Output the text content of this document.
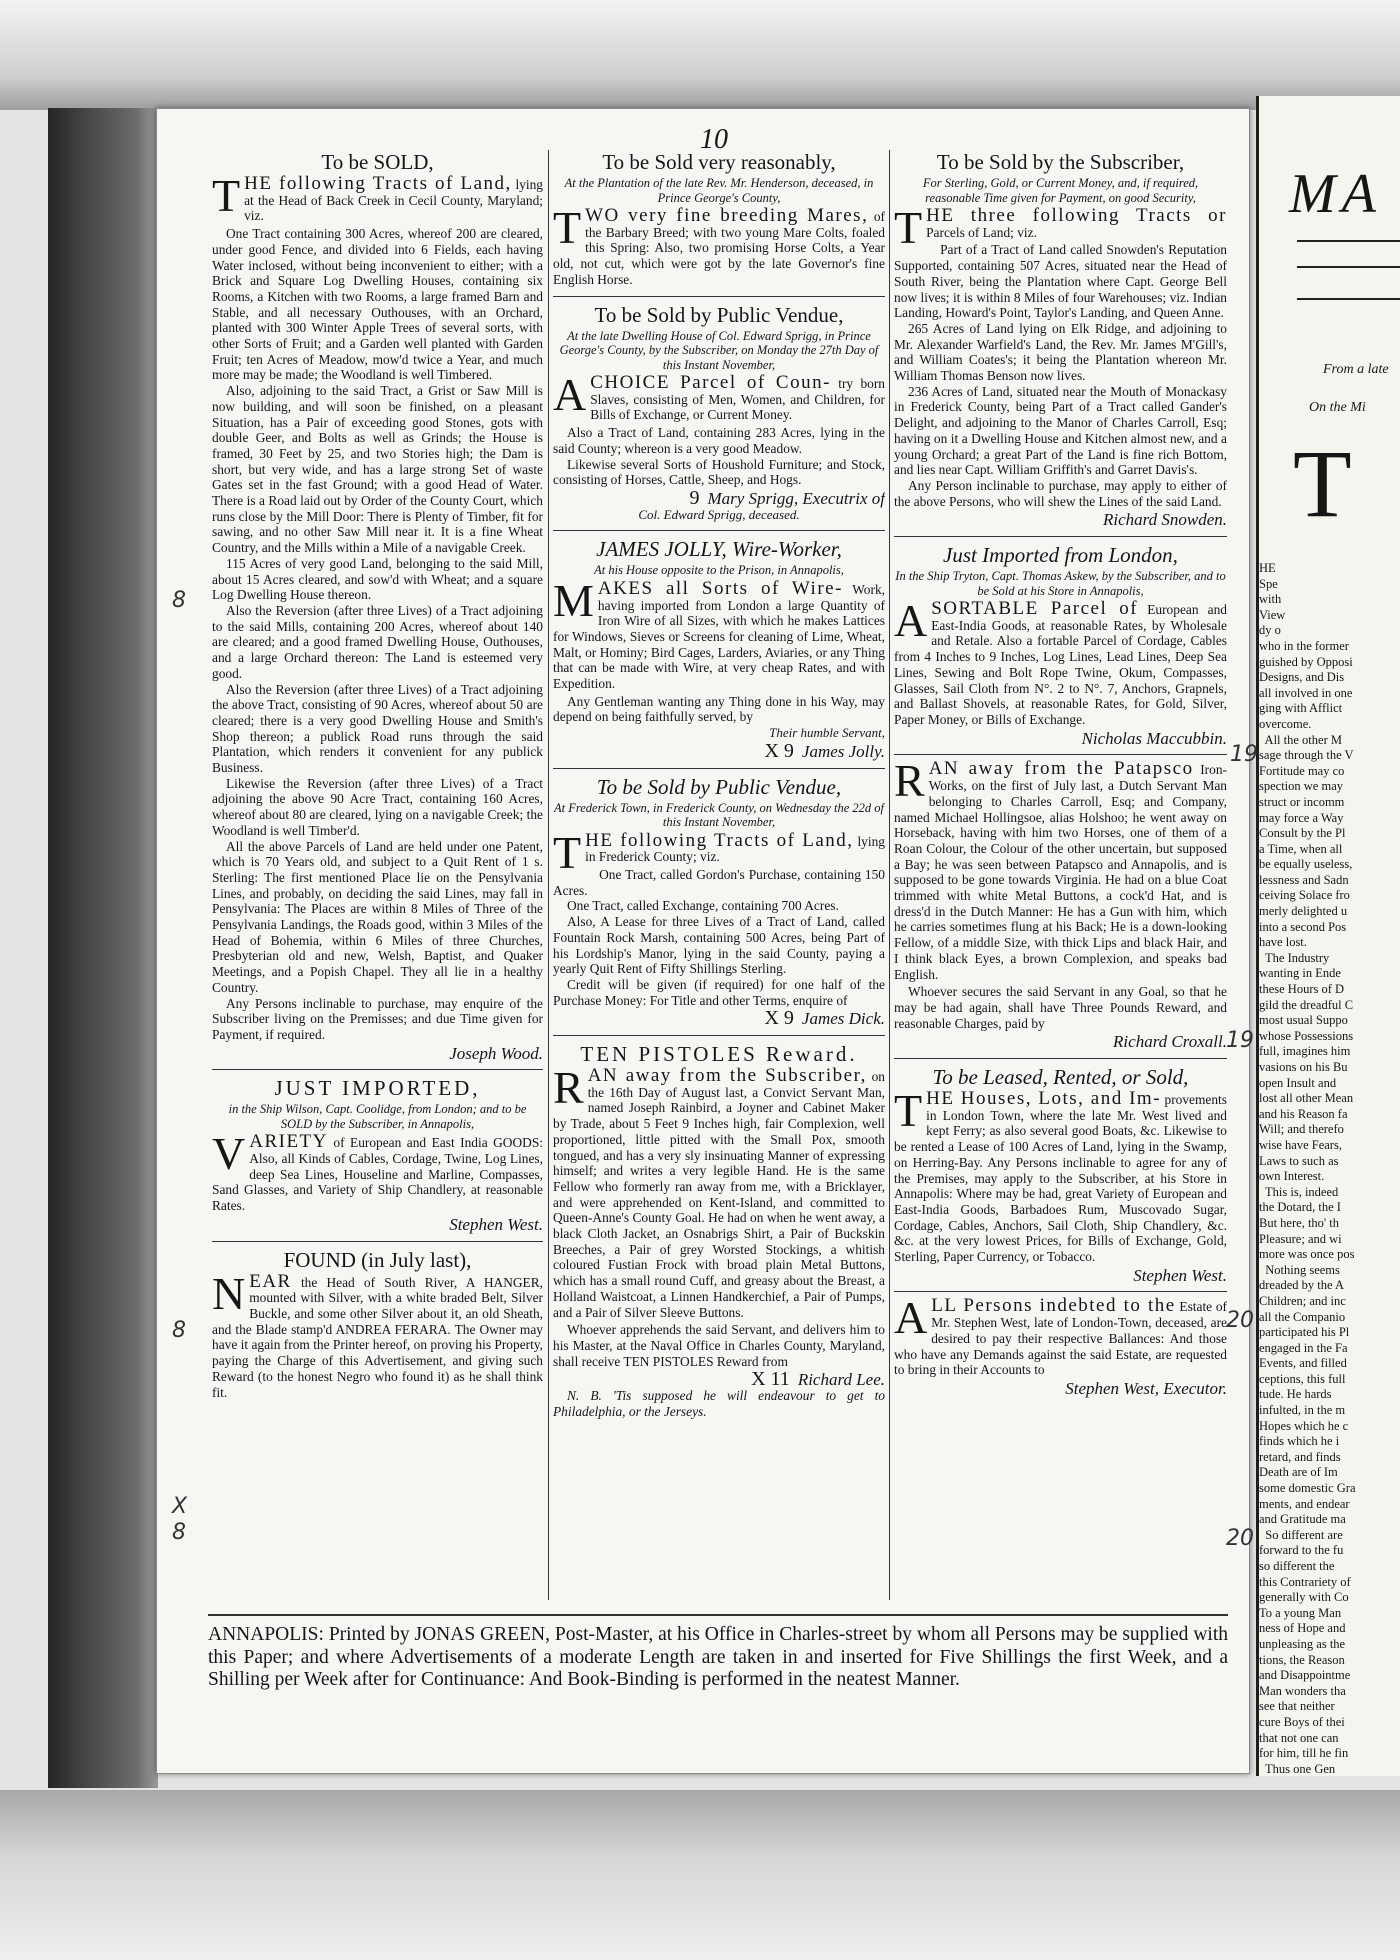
MA
From a late
On the Mi
T
HE
Spe
with
View
dy o
who in the former
guished by Opposi
Designs, and Dis
all involved in one
ging with Afflict
overcome.
All the other M
sage through the V
Fortitude may co
spection we may
struct or incomm
may force a Way
Consult by the Pl
a Time, when all
be equally useless,
lessness and Sadn
ceiving Solace fro
merly delighted u
into a second Pos
have lost.
The Industry
wanting in Ende
these Hours of D
gild the dreadful C
most usual Suppo
whose Possessions
full, imagines him
vasions on his Bu
open Insult and
lost all other Mean
and his Reason fa
Will; and therefo
wise have Fears,
Laws to such as
own Interest.
This is, indeed
the Dotard, the I
But here, tho' th
Pleasure; and wi
more was once pos
Nothing seems
dreaded by the A
Children; and inc
all the Companio
participated his Pl
engaged in the Fa
Events, and filled
ceptions, this full
tude. He hards
infulted, in the m
Hopes which he c
finds which he i
retard, and finds
Death are of Im
some domestic Gra
ments, and endear
and Gratitude ma
So different are
forward to the fu
so different the
this Contrariety of
generally with Co
To a young Man
ness of Hope and
unpleasing as the
tions, the Reason
and Disappointme
Man wonders tha
see that neither
cure Boys of thei
that not one can
for him, till he fin
Thus one Gen
10
8
8
8
X
19
19
20
20
To be SOLD,
THE following Tracts of Land, lying at the Head of Back Creek in Cecil County, Maryland; viz.

One Tract containing 300 Acres, whereof 200 are cleared, under good Fence, and divided into 6 Fields, each having Water inclosed, without being inconvenient to either; with a Brick and Square Log Dwelling Houses, containing six Rooms, a Kitchen with two Rooms, a large framed Barn and Stable, and all necessary Outhouses, with an Orchard, planted with 300 Winter Apple Trees of several sorts, with other Sorts of Fruit; and a Garden well planted with Garden Fruit; ten Acres of Meadow, mow'd twice a Year, and much more may be made; the Woodland is well Timbered.

Also, adjoining to the said Tract, a Grist or Saw Mill is now building, and will soon be finished, on a pleasant Situation, has a Pair of exceeding good Stones, gots with double Geer, and Bolts as well as Grinds; the House is framed, 30 Feet by 25, and two Stories high; the Dam is short, but very wide, and has a large strong Set of waste Gates set in the fast Ground; with a good Head of Water. There is a Road laid out by Order of the County Court, which runs close by the Mill Door: There is Plenty of Timber, fit for sawing, and no other Saw Mill near it. It is a fine Wheat Country, and the Mills within a Mile of a navigable Creek.

115 Acres of very good Land, belonging to the said Mill, about 15 Acres cleared, and sow'd with Wheat; and a square Log Dwelling House thereon.

Also the Reversion (after three Lives) of a Tract adjoining to the said Mills, containing 200 Acres, whereof about 140 are cleared; and a good framed Dwelling House, Outhouses, and a large Orchard thereon: The Land is esteemed very good.

Also the Reversion (after three Lives) of a Tract adjoining the above Tract, consisting of 90 Acres, whereof about 50 are cleared; there is a very good Dwelling House and Smith's Shop thereon; a publick Road runs through the said Plantation, which renders it convenient for any publick Business.

Likewise the Reversion (after three Lives) of a Tract adjoining the above 90 Acre Tract, containing 160 Acres, whereof about 80 are cleared, lying on a navigable Creek; the Woodland is well Timber'd.

All the above Parcels of Land are held under one Patent, which is 70 Years old, and subject to a Quit Rent of 1 s. Sterling: The first mentioned Place lie on the Pensylvania Lines, and probably, on deciding the said Lines, may fall in Pensylvania: The Places are within 8 Miles of Three of the Pensylvania Landings, the Roads good, within 3 Miles of the Head of Bohemia, within 6 Miles of three Churches, Presbyterian old and new, Welsh, Baptist, and Quaker Meetings, and a Popish Chapel. They all lie in a healthy Country.

Any Persons inclinable to purchase, may enquire of the Subscriber living on the Premisses; and due Time given for Payment, if required.

Joseph Wood.
JUST IMPORTED,
in the Ship Wilson, Capt. Coolidge, from London; and to be SOLD by the Subscriber, in Annapolis,
VARIETY of European and East India GOODS: Also, all Kinds of Cables, Cordage, Twine, Log Lines, deep Sea Lines, Houseline and Marline, Compasses, Sand Glasses, and Variety of Ship Chandlery, at reasonable Rates.
Stephen West.
FOUND (in July last),
NEAR the Head of South River, A HANGER, mounted with Silver, with a white braded Belt, Silver Buckle, and some other Silver about it, an old Sheath, and the Blade stamp'd ANDREA FERARA. The Owner may have it again from the Printer hereof, on proving his Property, paying the Charge of this Advertisement, and giving such Reward (to the honest Negro who found it) as he shall think fit.
To be Sold very reasonably,
At the Plantation of the late Rev. Mr. Henderson, deceased, in Prince George's County,
TWO very fine breeding Mares, of the Barbary Breed; with two young Mare Colts, foaled this Spring: Also, two promising Horse Colts, a Year old, not cut, which were got by the late Governor's fine English Horse.
To be Sold by Public Vendue,
At the late Dwelling House of Col. Edward Sprigg, in Prince George's County, by the Subscriber, on Monday the 27th Day of this Instant November,
ACHOICE Parcel of Coun- try born Slaves, consisting of Men, Women, and Children, for Bills of Exchange, or Current Money.

Also a Tract of Land, containing 283 Acres, lying in the said County; whereon is a very good Meadow.

Likewise several Sorts of Houshold Furniture; and Stock, consisting of Horses, Cattle, Sheep, and Hogs.

9 Mary Sprigg, Executrix of
Col. Edward Sprigg, deceased.
JAMES JOLLY, Wire-Worker,
At his House opposite to the Prison, in Annapolis,
MAKES all Sorts of Wire- Work, having imported from London a large Quantity of Iron Wire of all Sizes, with which he makes Lattices for Windows, Sieves or Screens for cleaning of Lime, Wheat, Malt, or Hominy; Bird Cages, Larders, Aviaries, or any Thing that can be made with Wire, at very cheap Rates, and with Expedition.

Any Gentleman wanting any Thing done in his Way, may depend on being faithfully served, by

Their humble Servant,
X 9 James Jolly.
To be Sold by Public Vendue,
At Frederick Town, in Frederick County, on Wednesday the 22d of this Instant November,
THE following Tracts of Land, lying in Frederick County; viz.

One Tract, called Gordon's Purchase, containing 150 Acres.

One Tract, called Exchange, containing 700 Acres.

Also, A Lease for three Lives of a Tract of Land, called Fountain Rock Marsh, containing 500 Acres, being Part of his Lordship's Manor, lying in the said County, paying a yearly Quit Rent of Fifty Shillings Sterling.

Credit will be given (if required) for one half of the Purchase Money: For Title and other Terms, enquire of

X 9 James Dick.
TEN PISTOLES Reward.
RAN away from the Subscriber, on the 16th Day of August last, a Convict Servant Man, named Joseph Rainbird, a Joyner and Cabinet Maker by Trade, about 5 Feet 9 Inches high, fair Complexion, well proportioned, little pitted with the Small Pox, smooth tongued, and has a very sly insinuating Manner of expressing himself; and writes a very legible Hand. He is the same Fellow who formerly ran away from me, with a Bricklayer, and were apprehended on Kent-Island, and committed to Queen-Anne's County Goal. He had on when he went away, a black Cloth Jacket, an Osnabrigs Shirt, a Pair of Buckskin Breeches, a Pair of grey Worsted Stockings, a whitish coloured Fustian Frock with broad plain Metal Buttons, which has a small round Cuff, and greasy about the Breast, a Holland Waistcoat, a Linnen Handkerchief, a Pair of Pumps, and a Pair of Silver Sleeve Buttons.

Whoever apprehends the said Servant, and delivers him to his Master, at the Naval Office in Charles County, Maryland, shall receive TEN PISTOLES Reward from

X 11 Richard Lee.

N. B. 'Tis supposed he will endeavour to get to Philadelphia, or the Jerseys.

To be Sold by the Subscriber,
For Sterling, Gold, or Current Money, and, if required, reasonable Time given for Payment, on good Security,
THE three following Tracts or Parcels of Land; viz.

Part of a Tract of Land called Snowden's Reputation Supported, containing 507 Acres, situated near the Head of South River, being the Plantation where Capt. George Bell now lives; it is within 8 Miles of four Warehouses; viz. Indian Landing, Howard's Point, Taylor's Landing, and Queen Anne.

265 Acres of Land lying on Elk Ridge, and adjoining to Mr. Alexander Warfield's Land, the Rev. Mr. James M'Gill's, and William Coates's; it being the Plantation whereon Mr. William Thomas Benson now lives.

236 Acres of Land, situated near the Mouth of Monackasy in Frederick County, being Part of a Tract called Gander's Delight, and adjoining to the Manor of Charles Carroll, Esq; having on it a Dwelling House and Kitchen almost new, and a young Orchard; a great Part of the Land is fine rich Bottom, and lies near Capt. William Griffith's and Garret Davis's.

Any Person inclinable to purchase, may apply to either of the above Persons, who will shew the Lines of the said Land.

Richard Snowden.
Just Imported from London,
In the Ship Tryton, Capt. Thomas Askew, by the Subscriber, and to be Sold at his Store in Annapolis,
ASORTABLE Parcel of European and East-India Goods, at reasonable Rates, by Wholesale and Retale. Also a fortable Parcel of Cordage, Cables from 4 Inches to 9 Inches, Log Lines, Lead Lines, Deep Sea Lines, Sewing and Bolt Rope Twine, Okum, Compasses, Glasses, Sail Cloth from N°. 2 to N°. 7, Anchors, Grapnels, and Ballast Shovels, at reasonable Rates, for Gold, Silver, Paper Money, or Bills of Exchange.
Nicholas Maccubbin.
RAN away from the Patapsco Iron-Works, on the first of July last, a Dutch Servant Man belonging to Charles Carroll, Esq; and Company, named Michael Hollingsoe, alias Holshoo; he went away on Horseback, having with him two Horses, one of them of a Roan Colour, the Colour of the other uncertain, but supposed a Bay; he was seen between Patapsco and Annapolis, and is supposed to be gone towards Virginia. He had on a blue Coat trimmed with white Metal Buttons, a cock'd Hat, and is dress'd in the Dutch Manner: He has a Gun with him, which he carries sometimes flung at his Back; He is a down-looking Fellow, of a middle Size, with thick Lips and black Hair, and I think black Eyes, a brown Complexion, and speaks bad English.

Whoever secures the said Servant in any Goal, so that he may be had again, shall have Three Pounds Reward, and reasonable Charges, paid by

Richard Croxall.
To be Leased, Rented, or Sold,
THE Houses, Lots, and Im- provements in London Town, where the late Mr. West lived and kept Ferry; as also several good Boats, &c. Likewise to be rented a Lease of 100 Acres of Land, lying in the Swamp, on Herring-Bay. Any Persons inclinable to agree for any of the Premises, may apply to the Subscriber, at his Store in Annapolis: Where may be had, great Variety of European and East-India Goods, Barbadoes Rum, Muscovado Sugar, Cordage, Cables, Anchors, Sail Cloth, Ship Chandlery, &c. &c. at the very lowest Prices, for Bills of Exchange, Gold, Sterling, Paper Currency, or Tobacco.
Stephen West.
ALL Persons indebted to the Estate of Mr. Stephen West, late of London-Town, deceased, are desired to pay their respective Ballances: And those who have any Demands against the said Estate, are requested to bring in their Accounts to
Stephen West, Executor.
ANNAPOLIS: Printed by JONAS GREEN, Post-Master, at his Office in Charles-street by whom all Persons may be supplied with this Paper; and where Advertisements of a moderate Length are taken in and inserted for Five Shillings the first Week, and a Shilling per Week after for Continuance: And Book-Binding is performed in the neatest Manner.
